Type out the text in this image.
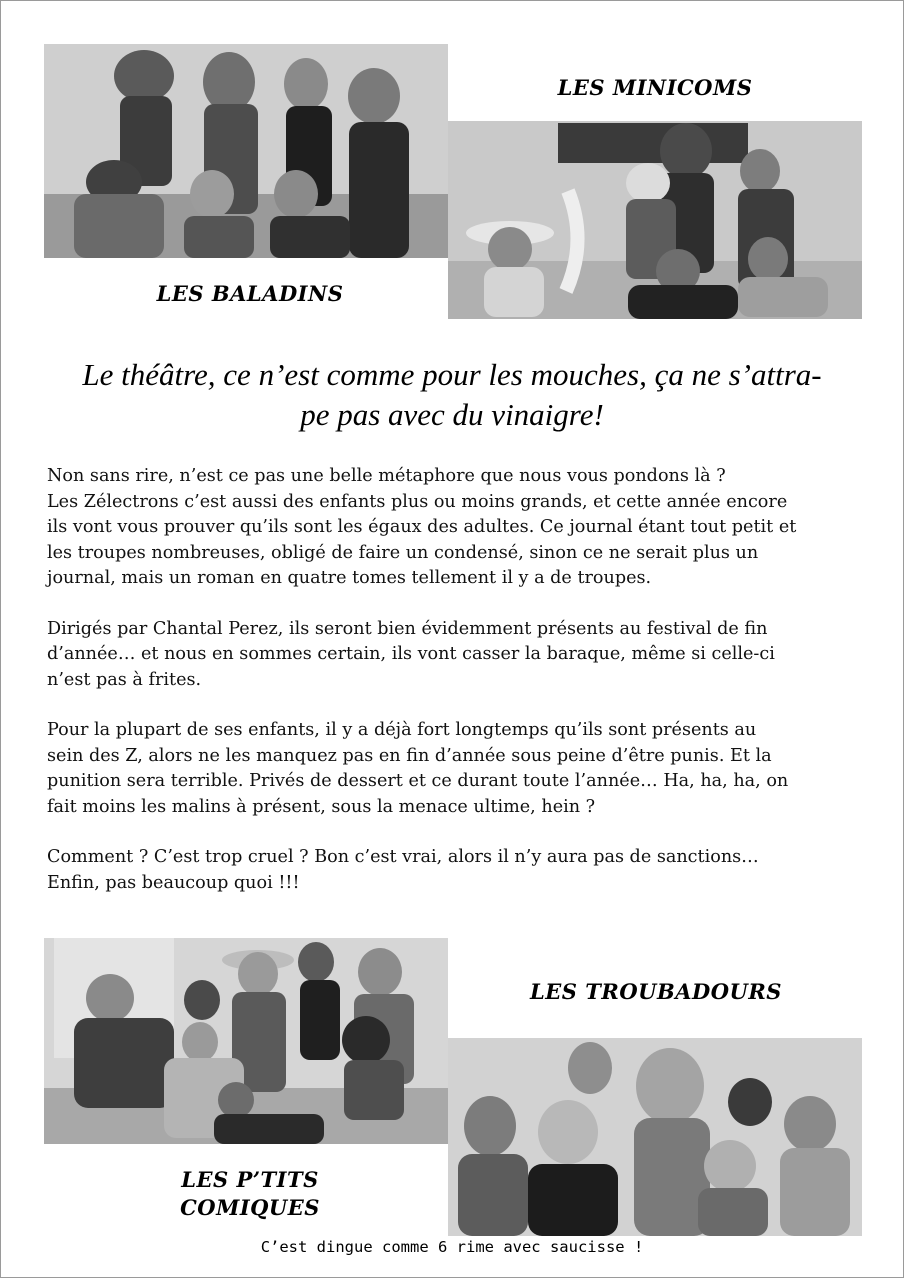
LES BALADINS
LES MINICOMS
Le théâtre, ce n’est comme pour les mouches, ça ne s’attra-
pe pas avec du vinaigre!

Non sans rire, n’est ce pas une belle métaphore que nous vous pondons là ?
Les Zélectrons c’est aussi des enfants plus ou moins grands, et cette année encore
ils vont vous prouver qu’ils sont les égaux des adultes. Ce journal étant tout petit et
les troupes nombreuses, obligé de faire un condensé, sinon ce ne serait plus un
journal, mais un roman en quatre tomes tellement il y a de troupes.

Dirigés par Chantal Perez, ils seront bien évidemment présents au festival de fin
d’année… et nous en sommes certain, ils vont casser la baraque, même si celle-ci
n’est pas à frites.

Pour la plupart de ses enfants, il y a déjà fort longtemps qu’ils sont présents au
sein des Z, alors ne les manquez pas en fin d’année sous peine d’être punis. Et la
punition sera terrible. Privés de dessert et ce durant toute l’année… Ha, ha, ha, on
fait moins les malins à présent, sous la menace ultime, hein ?

Comment ? C’est trop cruel ? Bon c’est vrai, alors il n’y aura pas de sanctions…
Enfin, pas beaucoup quoi !!!

LES P’TITS
COMIQUES
LES TROUBADOURS
C’est dingue comme 6 rime avec saucisse !
